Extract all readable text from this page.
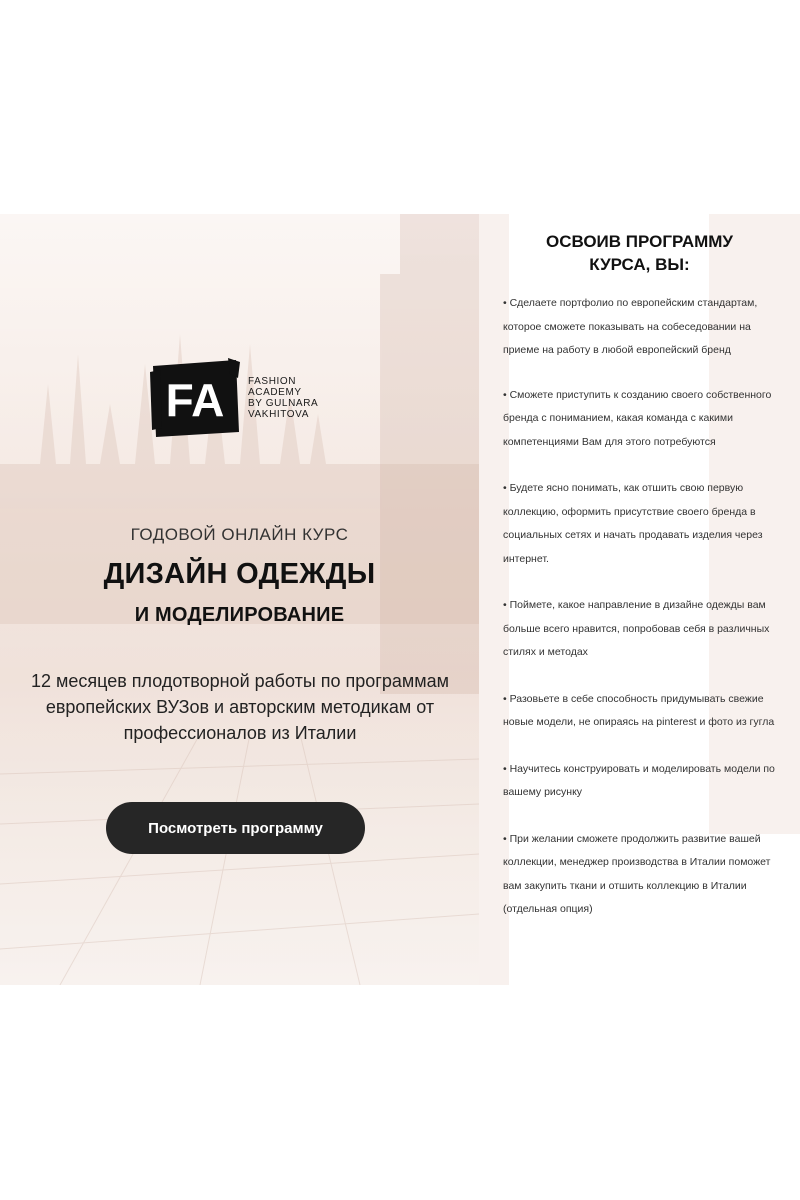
FA FASHION
ACADEMY
BY GULNARA
VAKHITOVA
ГОДОВОЙ ОНЛАЙН КУРС
ДИЗАЙН ОДЕЖДЫ
И МОДЕЛИРОВАНИЕ

12 месяцев плодотворной работы по программам европейских ВУЗов и авторским методикам от профессионалов из Италии

Посмотреть программу
ОСВОИВ ПРОГРАММУ
КУРСА, ВЫ:
• Сделаете портфолио по европейским стандартам, которое сможете показывать на собеседовании на приеме на работу в любой европейский бренд
• Сможете приступить к созданию своего собственного бренда с пониманием, какая команда с какими компетенциями Вам для этого потребуются
• Будете ясно понимать, как отшить свою первую коллекцию, оформить присутствие своего бренда в социальных сетях и начать продавать изделия через интернет.
• Поймете, какое направление в дизайне одежды вам больше всего нравится, попробовав себя в различных стилях и методах
• Разовьете в себе способность придумывать свежие новые модели, не опираясь на pinterest и фото из гугла
• Научитесь конструировать и моделировать модели по вашему рисунку
• При желании сможете продолжить развитие вашей коллекции, менеджер производства в Италии поможет вам закупить ткани и отшить коллекцию в Италии (отдельная опция)
